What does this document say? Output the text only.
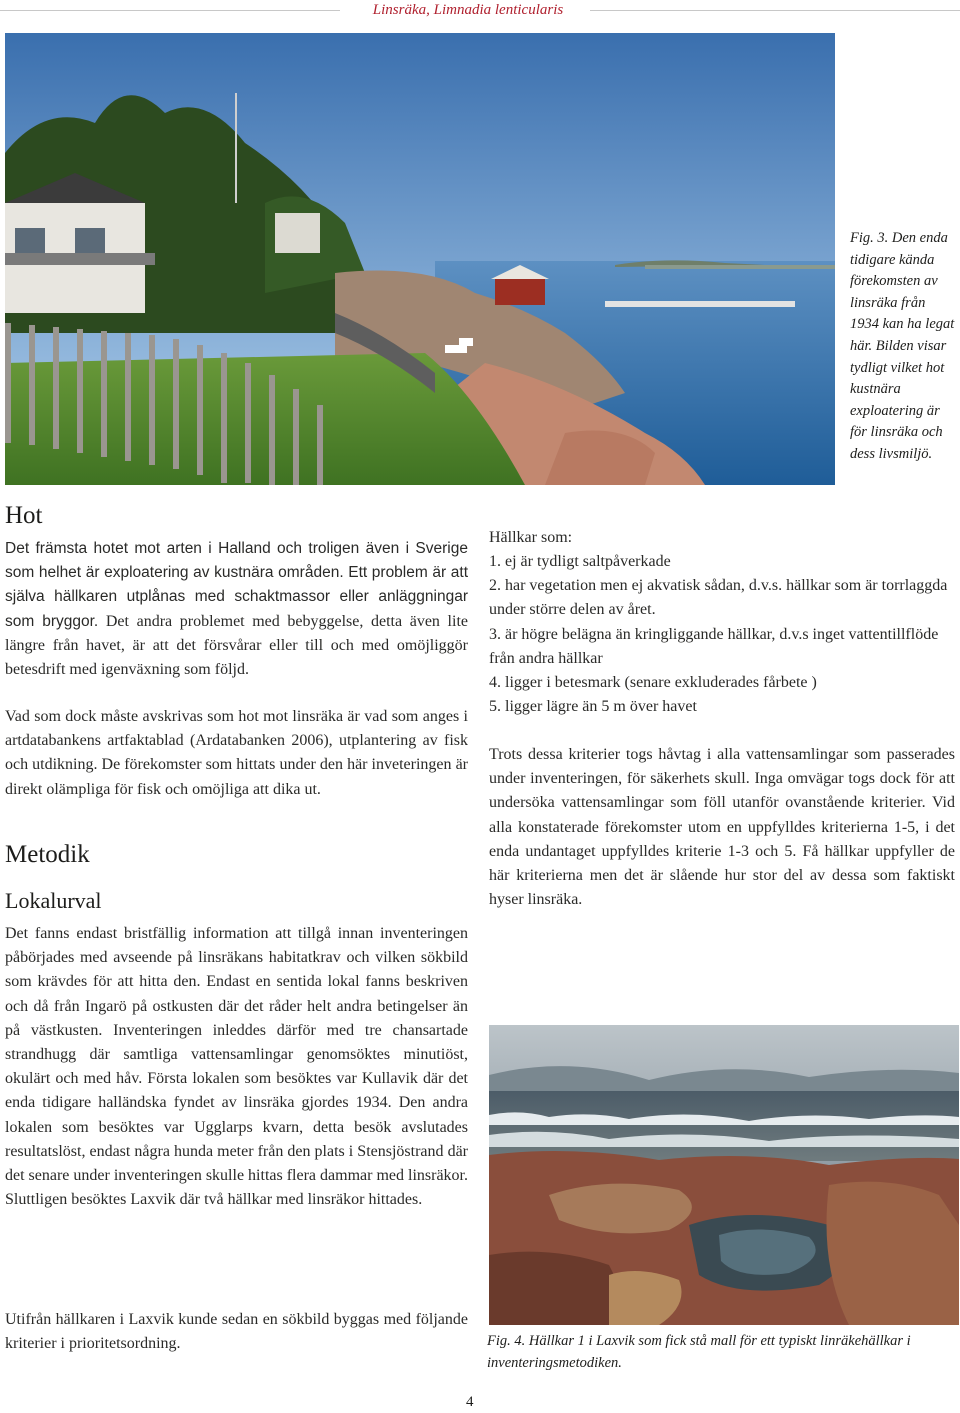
Linsräka, Limnadia lenticularis
Fig. 3. Den enda tidigare kända förekomsten av linsräka från 1934 kan ha legat här. Bilden visar tydligt vilket hot kustnära exploatering är för linsräka och dess livsmiljö.
Hot

Det främsta hotet mot arten i Halland och troligen även i Sverige som helhet är exploatering av kustnära områden. Ett problem är att själva hällkaren utplånas med schaktmassor eller anläggningar som bryggor. Det andra problemet med bebyggelse, detta även lite längre från havet, är att det försvårar eller till och med omöjliggör betesdrift med igenväxning som följd.

Vad som dock måste avskrivas som hot mot linsräka är vad som anges i artdatabankens artfaktablad (Ardatabanken 2006), utplantering av fisk och utdikning. De förekomster som hittats under den här inveteringen är direkt olämpliga för fisk och omöjliga att dika ut.

Metodik
Lokalurval

Det fanns endast bristfällig information att tillgå innan inventeringen påbörjades med avseende på linsräkans habitatkrav och vilken sökbild som krävdes för att hitta den. Endast en sentida lokal fanns beskriven och då från Ingarö på ostkusten där det råder helt andra betingelser än på västkusten. Inventeringen inleddes därför med tre chansartade strandhugg där samtliga vattensamlingar genomsöktes minutiöst, okulärt och med håv. Första lokalen som besöktes var Kullavik där det enda tidigare halländska fyndet av linsräka gjordes 1934. Den andra lokalen som besöktes var Ugglarps kvarn, detta besök avslutades resultatslöst, endast några hunda meter från den plats i Stensjöstrand där det senare under inventeringen skulle hittas flera dammar med linsräkor. Sluttligen besöktes Laxvik där två hällkar med linsräkor hittades.

Utifrån hällkaren i Laxvik kunde sedan en sökbild byggas med följande kriterier i prioritetsordning.

Hällkar som:

1. ej är tydligt saltpåverkade
2. har vegetation men ej akvatisk sådan, d.v.s. hällkar som är torrlaggda under större delen av året.
3. är högre belägna än kringliggande hällkar, d.v.s inget vattentillflöde från andra hällkar
4. ligger i betesmark (senare exkluderades fårbete )
5. ligger lägre än 5 m över havet

Trots dessa kriterier togs håvtag i alla vattensamlingar som passerades under inventeringen, för säkerhets skull. Inga omvägar togs dock för att undersöka vattensamlingar som föll utanför ovanstående kriterier. Vid alla konstaterade förekomster utom en uppfylldes kriterierna 1-5, i det enda undantaget uppfylldes kriterie 1-3 och 5. Få hällkar uppfyller de här kriterierna men det är slående hur stor del av dessa som faktiskt hyser linsräka.

Fig. 4. Hällkar 1 i Laxvik som fick stå mall för ett typiskt linräkehällkar i inventeringsmetodiken.
4
